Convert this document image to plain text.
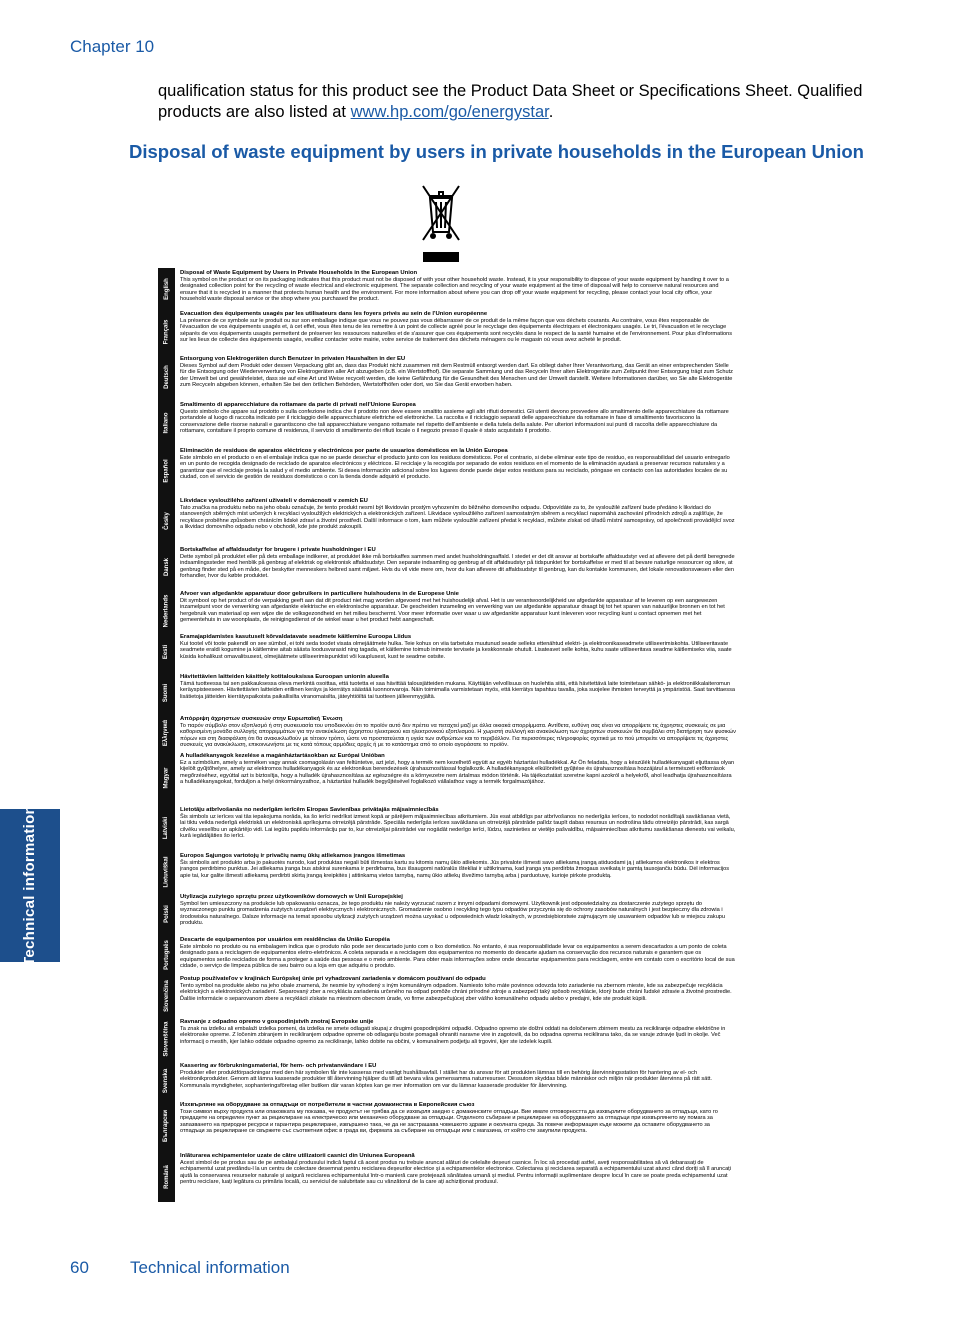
Chapter 10
qualification status for this product see the Product Data Sheet or Specifications Sheet. Qualified products are also listed at www.hp.com/go/energystar.
Disposal of waste equipment by users in private households in the European Union
English
Français
Deutsch
Italiano
Español
Česky
Dansk
Nederlands
Eesti
Suomi
Ελληνικά
Magyar
Latviski
Lietuviškai
Polski
Português
Slovenčina
Slovenščina
Svenska
Български
Română
Disposal of Waste Equipment by Users in Private Households in the European Union
This symbol on the product or on its packaging indicates that this product must not be disposed of with your other household waste. Instead, it is your responsibility to dispose of your waste equipment by handing it over to a designated collection point for the recycling of waste electrical and electronic equipment. The separate collection and recycling of your waste equipment at the time of disposal will help to conserve natural resources and ensure that it is recycled in a manner that protects human health and the environment. For more information about where you can drop off your waste equipment for recycling, please contact your local city office, your household waste disposal service or the shop where you purchased the product.
Évacuation des équipements usagés par les utilisateurs dans les foyers privés au sein de l'Union européenne
La présence de ce symbole sur le produit ou sur son emballage indique que vous ne pouvez pas vous débarrasser de ce produit de la même façon que vos déchets courants. Au contraire, vous êtes responsable de l'évacuation de vos équipements usagés et, à cet effet, vous êtes tenu de les remettre à un point de collecte agréé pour le recyclage des équipements électriques et électroniques usagés. Le tri, l'évacuation et le recyclage séparés de vos équipements usagés permettent de préserver les ressources naturelles et de s'assurer que ces équipements sont recyclés dans le respect de la santé humaine et de l'environnement. Pour plus d'informations sur les lieux de collecte des équipements usagés, veuillez contacter votre mairie, votre service de traitement des déchets ménagers ou le magasin où vous avez acheté le produit.
Entsorgung von Elektrogeräten durch Benutzer in privaten Haushalten in der EU
Dieses Symbol auf dem Produkt oder dessen Verpackung gibt an, dass das Produkt nicht zusammen mit dem Restmüll entsorgt werden darf. Es obliegt daher Ihrer Verantwortung, das Gerät an einer entsprechenden Stelle für die Entsorgung oder Wiederverwertung von Elektrogeräten aller Art abzugeben (z.B. ein Wertstoffhof). Die separate Sammlung und das Recyceln Ihrer alten Elektrogeräte zum Zeitpunkt ihrer Entsorgung trägt zum Schutz der Umwelt bei und gewährleistet, dass sie auf eine Art und Weise recycelt werden, die keine Gefährdung für die Gesundheit des Menschen und der Umwelt darstellt. Weitere Informationen darüber, wo Sie alte Elektrogeräte zum Recyceln abgeben können, erhalten Sie bei den örtlichen Behörden, Wertstoffhöfen oder dort, wo Sie das Gerät erworben haben.
Smaltimento di apparecchiature da rottamare da parte di privati nell'Unione Europea
Questo simbolo che appare sul prodotto o sulla confezione indica che il prodotto non deve essere smaltito assieme agli altri rifiuti domestici. Gli utenti devono provvedere allo smaltimento delle apparecchiature da rottamare portandole al luogo di raccolta indicato per il riciclaggio delle apparecchiature elettriche ed elettroniche. La raccolta e il riciclaggio separati delle apparecchiature da rottamare in fase di smaltimento favoriscono la conservazione delle risorse naturali e garantiscono che tali apparecchiature vengano rottamate nel rispetto dell'ambiente e della tutela della salute. Per ulteriori informazioni sui punti di raccolta delle apparecchiature da rottamare, contattare il proprio comune di residenza, il servizio di smaltimento dei rifiuti locale o il negozio presso il quale è stato acquistato il prodotto.
Eliminación de residuos de aparatos eléctricos y electrónicos por parte de usuarios domésticos en la Unión Europea
Este símbolo en el producto o en el embalaje indica que no se puede desechar el producto junto con los residuos domésticos. Por el contrario, si debe eliminar este tipo de residuo, es responsabilidad del usuario entregarlo en un punto de recogida designado de reciclado de aparatos electrónicos y eléctricos. El reciclaje y la recogida por separado de estos residuos en el momento de la eliminación ayudará a preservar recursos naturales y a garantizar que el reciclaje proteja la salud y el medio ambiente. Si desea información adicional sobre los lugares donde puede dejar estos residuos para su reciclado, póngase en contacto con las autoridades locales de su ciudad, con el servicio de gestión de residuos domésticos o con la tienda donde adquirió el producto.
Likvidace vysloužilého zařízení uživateli v domácnosti v zemích EU
Tato značka na produktu nebo na jeho obalu označuje, že tento produkt nesmí být likvidován prostým vyhozením do běžného domovního odpadu. Odpovídáte za to, že vysloužilé zařízení bude předáno k likvidaci do stanovených sběrných míst určených k recyklaci vysloužilých elektrických a elektronických zařízení. Likvidace vysloužilého zařízení samostatným sběrem a recyklací napomáhá zachování přírodních zdrojů a zajišťuje, že recyklace proběhne způsobem chránícím lidské zdraví a životní prostředí. Další informace o tom, kam můžete vysloužilé zařízení předat k recyklaci, můžete získat od úřadů místní samosprávy, od společnosti provádějící svoz a likvidaci domovního odpadu nebo v obchodě, kde jste produkt zakoupili.
Bortskaffelse af affaldsudstyr for brugere i private husholdninger i EU
Dette symbol på produktet eller på dets emballage indikerer, at produktet ikke må bortskaffes sammen med andet husholdningsaffald. I stedet er det dit ansvar at bortskaffe affaldsudstyr ved at aflevere det på dertil beregnede indsamlingssteder med henblik på genbrug af elektrisk og elektronisk affaldsudstyr. Den separate indsamling og genbrug af dit affaldsudstyr på tidspunktet for bortskaffelse er med til at bevare naturlige ressourcer og sikre, at genbrug finder sted på en måde, der beskytter menneskers helbred samt miljøet. Hvis du vil vide mere om, hvor du kan aflevere dit affaldsudstyr til genbrug, kan du kontakte kommunen, det lokale renovationsvæsen eller den forhandler, hvor du købte produktet.
Afvoer van afgedankte apparatuur door gebruikers in particuliere huishoudens in de Europese Unie
Dit symbool op het product of de verpakking geeft aan dat dit product niet mag worden afgevoerd met het huishoudelijk afval. Het is uw verantwoordelijkheid uw afgedankte apparatuur af te leveren op een aangewezen inzamelpunt voor de verwerking van afgedankte elektrische en elektronische apparatuur. De gescheiden inzameling en verwerking van uw afgedankte apparatuur draagt bij tot het sparen van natuurlijke bronnen en tot het hergebruik van materiaal op een wijze die de volksgezondheid en het milieu beschermt. Voor meer informatie over waar u uw afgedankte apparatuur kunt inleveren voor recycling kunt u contact opnemen met het gemeentehuis in uw woonplaats, de reinigingsdienst of de winkel waar u het product hebt aangeschaft.
Eramajapidamistes kasutuselt kõrvaldatavate seadmete käitlemine Euroopa Liidus
Kui tootel või toote pakendil on see sümbol, ei tohi seda toodet visata olmejäätmete hulka. Teie kohus on viia tarbetuks muutunud seade selleks ettenähtud elektri- ja elektroonikaseadmete utiliseerimiskohta. Utiliseeritavate seadmete eraldi kogumine ja käitlemine aitab säästa loodusvarasid ning tagada, et käitlemine toimub inimeste tervisele ja keskkonnale ohutult. Lisateavet selle kohta, kuhu saate utiliseeritava seadme käitlemiseks viia, saate küsida kohalikust omavalitsusest, olmejäätmete utiliseerimispunktist või kauplusest, kust te seadme ostsite.
Hävitettävien laitteiden käsittely kotitalouksissa Euroopan unionin alueella
Tämä tuotteessa tai sen pakkauksessa oleva merkintä osoittaa, että tuotetta ei saa hävittää talousjätteiden mukana. Käyttäjän velvollisuus on huolehtia siitä, että hävitettävä laite toimitetaan sähkö- ja elektroniikkalaiteromun keräyspisteeseen. Hävitettävien laitteiden erillinen keräys ja kierrätys säästää luonnonvaroja. Näin toimimalla varmistetaan myös, että kierrätys tapahtuu tavalla, joka suojelee ihmisten terveyttä ja ympäristöä. Saat tarvittaessa lisätietoja jätteiden kierrätyspaikoista paikallisilta viranomaisilta, jäteyhtiöiltä tai tuotteen jälleenmyyjältä.
Απόρριψη άχρηστων συσκευών στην Ευρωπαϊκή Ένωση
Το παρόν σύμβολο στον εξοπλισμό ή στη συσκευασία του υποδεικνύει ότι το προϊόν αυτό δεν πρέπει να πεταχτεί μαζί με άλλα οικιακά απορρίμματα. Αντίθετα, ευθύνη σας είναι να απορρίψετε τις άχρηστες συσκευές σε μια καθορισμένη μονάδα συλλογής απορριμμάτων για την ανακύκλωση άχρηστου ηλεκτρικού και ηλεκτρονικού εξοπλισμού. Η χωριστή συλλογή και ανακύκλωση των άχρηστων συσκευών θα συμβάλει στη διατήρηση των φυσικών πόρων και στη διασφάλιση ότι θα ανακυκλωθούν με τέτοιον τρόπο, ώστε να προστατεύεται η υγεία των ανθρώπων και το περιβάλλον. Για περισσότερες πληροφορίες σχετικά με το πού μπορείτε να απορρίψετε τις άχρηστες συσκευές για ανακύκλωση, επικοινωνήστε με τις κατά τόπους αρμόδιες αρχές ή με το κατάστημα από το οποίο αγοράσατε το προϊόν.
A hulladékanyagok kezelése a magánháztartásokban az Európai Unióban
Ez a szimbólum, amely a terméken vagy annak csomagolásán van feltüntetve, azt jelzi, hogy a termék nem kezelhető együtt az egyéb háztartási hulladékkal. Az Ön feladata, hogy a készülék hulladékanyagait eljuttassa olyan kijelölt gyűjtőhelyre, amely az elektromos hulladékanyagok és az elektronikus berendezések újrahasznosítással foglalkozik. A hulladékanyagok elkülönített gyűjtése és újrahasznosítása hozzájárul a természeti erőforrások megőrzéséhez, egyúttal azt is biztosítja, hogy a hulladék újrahasznosítása az egészségre és a környezetre nem ártalmas módon történik. Ha tájékoztatást szeretne kapni azokról a helyekről, ahol leadhatja újrahasznosításra a hulladékanyagokat, forduljon a helyi önkormányzathoz, a háztartási hulladék begyűjtésével foglalkozó vállalathoz vagy a termék forgalmazójához.
Lietotāju atbrīvošanās no nederīgām ierīcēm Eiropas Savienības privātajās mājsaimniecībās
Šis simbols uz ierīces vai tās iepakojuma norāda, ka šo ierīci nedrīkst izmest kopā ar pārējiem mājsaimniecības atkritumiem. Jūs esat atbildīgs par atbrīvošanos no nederīgās ierīces, to nododot norādītajā savākšanas vietā, lai tiktu veikta nederīgā elektriskā un elektroniskā aprīkojuma otrreizējā pārstrāde. Speciāla nederīgās ierīces savākšana un otrreizējā pārstrāde palīdz taupīt dabas resursus un nodrošina tādu otrreizējo pārstrādi, kas sargā cilvēku veselību un apkārtējo vidi. Lai iegūtu papildu informāciju par to, kur otrreizējai pārstrādei var nogādāt nederīgo ierīci, lūdzu, sazinieties ar vietējo pašvaldību, mājsaimniecības atkritumu savākšanas dienestu vai veikalu, kurā iegādājāties šo ierīci.
Europos Sąjungos vartotojų ir privačių namų ūkių atliekamos įrangos išmetimas
Šis simbolis ant produkto arba jo pakuotės nurodo, kad produktas negali būti išmestas kartu su kitomis namų ūkio atliekomis. Jūs privalote išmesti savo atliekamą įrangą atiduodami ją į atliekamos elektronikos ir elektros įrangos perdirbimo punktus. Jei atliekama įranga bus atskirai surenkama ir perdirbama, bus išsaugomi natūralūs ištekliai ir užtikrinama, kad įranga yra perdirbta žmogaus sveikatą ir gamtą tausojančiu būdu. Dėl informacijos apie tai, kur galite išmesti atliekamą perdirbti skirtą įrangą kreipkitės į atitinkamą vietos tarnybą, namų ūkio atliekų išvežimo tarnybą arba į parduotuvę, kurioje pirkote produktą.
Utylizacja zużytego sprzętu przez użytkowników domowych w Unii Europejskiej
Symbol ten umieszczony na produkcie lub opakowaniu oznacza, że tego produktu nie należy wyrzucać razem z innymi odpadami domowymi. Użytkownik jest odpowiedzialny za dostarczenie zużytego sprzętu do wyznaczonego punktu gromadzenia zużytych urządzeń elektrycznych i elektronicznych. Gromadzenie osobno i recykling tego typu odpadów przyczynia się do ochrony zasobów naturalnych i jest bezpieczny dla zdrowia i środowiska naturalnego. Dalsze informacje na temat sposobu utylizacji zużytych urządzeń można uzyskać u odpowiednich władz lokalnych, w przedsiębiorstwie zajmującym się usuwaniem odpadów lub w miejscu zakupu produktu.
Descarte de equipamentos por usuários em residências da União Européia
Este símbolo no produto ou na embalagem indica que o produto não pode ser descartado junto com o lixo doméstico. No entanto, é sua responsabilidade levar os equipamentos a serem descartados a um ponto de coleta designado para a reciclagem de equipamentos eletro-eletrônicos. A coleta separada e a reciclagem dos equipamentos no momento do descarte ajudam na conservação dos recursos naturais e garantem que os equipamentos serão reciclados de forma a proteger a saúde das pessoas e o meio ambiente. Para obter mais informações sobre onde descartar equipamentos para reciclagem, entre em contato com o escritório local de sua cidade, o serviço de limpeza pública de seu bairro ou a loja em que adquiriu o produto.
Postup používateľov v krajinách Európskej únie pri vyhadzovaní zariadenia v domácom používaní do odpadu
Tento symbol na produkte alebo na jeho obale znamená, že nesmie by vyhodený s iným komunálnym odpadom. Namiesto toho máte povinnos odovzda toto zariadenie na zbernom mieste, kde sa zabezpečuje recyklácia elektrických a elektronických zariadení. Separovaný zber a recyklácia zariadenia určeného na odpad pomôže chráni prírodné zdroje a zabezpečí taký spôsob recyklácie, ktorý bude chráni ľudské zdravie a životné prostredie. Ďalšie informácie o separovanom zbere a recyklácii získate na miestnom obecnom úrade, vo firme zabezpečujúcej zber vášho komunálneho odpadu alebo v predajni, kde ste produkt kúpili.
Ravnanje z odpadno opremo v gospodinjstvih znotraj Evropske unije
Ta znak na izdelku ali embalaži izdelka pomeni, da izdelka ne smete odlagati skupaj z drugimi gospodinjskimi odpadki. Odpadno opremo ste dolžni oddati na določenem zbirnem mestu za recikliranje odpadne električne in elektronske opreme. Z ločenim zbiranjem in recikliranjem odpadne opreme ob odlaganju boste pomagali ohraniti naravne vire in zagotovili, da bo odpadna oprema reciklirana tako, da se varuje zdravje ljudi in okolje. Več informacij o mestih, kjer lahko oddate odpadno opremo za recikliranje, lahko dobite na občini, v komunalnem podjetju ali trgovini, kjer ste izdelek kupili.
Kassering av förbrukningsmaterial, för hem- och privatanvändare i EU
Produkter eller produktförpackningar med den här symbolen får inte kasseras med vanligt hushållsavfall. I stället har du ansvar för att produkten lämnas till en behörig återvinningsstation för hantering av el- och elektronikprodukter. Genom att lämna kasserade produkter till återvinning hjälper du till att bevara våra gemensamma naturresurser. Dessutom skyddas både människor och miljön när produkter återvinns på rätt sätt. Kommunala myndigheter, sophanteringsföretag eller butiken där varan köptes kan ge mer information om var du lämnar kasserade produkter för återvinning.
Изхвърляне на оборудване за отпадъци от потребители в частни домакинства в Европейския съюз
Този символ върху продукта или опаковката му показва, че продуктът не трябва да се изхвърля заедно с домакинските отпадъци. Вие имате отговорността да изхвърлите оборудването за отпадъци, като го предадете на определен пункт за рециклиране на електрическо или механично оборудване за отпадъци. Отделното събиране и рециклиране на оборудването за отпадъци при изхвърлянето му помага за запазването на природни ресурси и гарантира рециклиране, извършено така, че да не застрашава човешкото здраве и околната среда. За повече информация къде можете да оставите оборудването за отпадъци за рециклиране се свържете със съответния офис в града ви, фирмата за събиране на отпадъци или с магазина, от който сте закупили продукта.
Înlăturarea echipamentelor uzate de către utilizatorii casnici din Uniunea Europeană
Acest simbol de pe produs sau de pe ambalajul produsului indică faptul că acest produs nu trebuie aruncat alături de celelalte deșeuri casnice. În loc să procedați astfel, aveți responsabilitatea să vă debarasați de echipamentul uzat predându-l la un centru de colectare desemnat pentru reciclarea deșeurilor electrice și a echipamentelor electronice. Colectarea și reciclarea separată a echipamentului uzat atunci când doriți să îl aruncați ajută la conservarea resurselor naturale și asigură reciclarea echipamentului într-o manieră care protejează sănătatea umană și mediul. Pentru informații suplimentare despre locul în care se poate preda echipamentul uzat pentru reciclare, luați legătura cu primăria locală, cu serviciul de salubritate sau cu vânzătorul de la care ați achiziționat produsul.
Technical information
60 Technical information
